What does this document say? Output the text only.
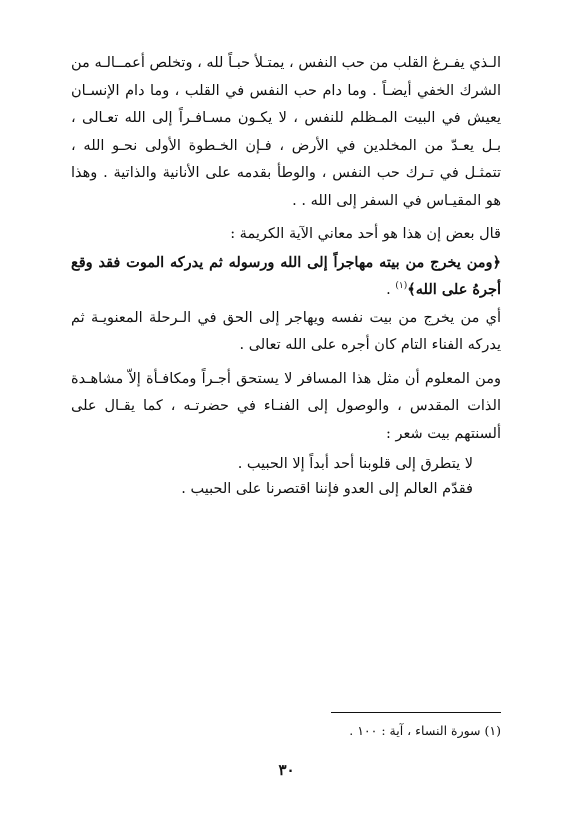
الـذي يفـرغ القلب من حب النفس ، يمتـلأ حبـاً لله ، وتخلص أعمــالـه من الشرك الخفي أيضـاً . وما دام حب النفس في القلب ، وما دام الإنسـان يعيش في البيت المـظلم للنفس ، لا يكـون مسـافـراً إلى الله تعـالى ، بـل يعـدّ من المخلدين في الأرض ، فـإن الخـطوة الأولى نحـو الله ، تتمثـل في تـرك حب النفس ، والوطأ بقدمه على الأنانية والذاتية . وهذا هو المقيـاس في السفر إلى الله . .

قال بعض إن هذا هو أحد معاني الآية الكريمة :

﴿ومن يخرج من بيته مهاجراً إلى الله ورسوله ثم يدركه الموت فقد وقع أجرهُ على الله﴾$^{(١)}$ .

أي من يخرج من بيت نفسه ويهاجر إلى الحق في الـرحلة المعنويـة ثم يدركه الفناء التام كان أجره على الله تعالى .

ومن المعلوم أن مثل هذا المسافر لا يستحق أجـراً ومكافـأة إلاّ مشاهـدة الذات المقدس ، والوصول إلى الفنـاء في حضرتـه ، كما يقـال على ألسنتهم بيت شعر :

لا يتطرق إلى قلوبنا أحد أبداً إلا الحبيب .
فقدّم العالم إلى العدو فإننا اقتصرنا على الحبيب .
(١) سورة النساء ، آية : ١٠٠ .
٣٠
